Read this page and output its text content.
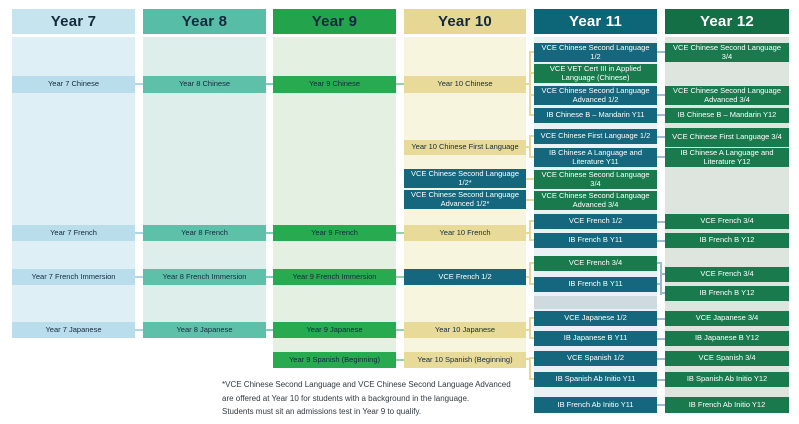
*VCE Chinese Second Language and VCE Chinese Second Language Advanced
are offered at Year 10 for students with a background in the language.
Students must sit an admissions test in Year 9 to qualify.
Year 7
Year 7 Chinese
Year 7 French
Year 7 French Immersion
Year 7 Japanese
Year 8
Year 8 Chinese
Year 8 French
Year 8 French Immersion
Year 8 Japanese
Year 9
Year 9 Chinese
Year 9 French
Year 9 French Immersion
Year 9 Japanese
Year 9 Spanish (Beginning)
Year 10
Year 10 Chinese
Year 10 Chinese First Language
VCE Chinese Second Language 1/2*
VCE Chinese Second Language Advanced 1/2*
Year 10 French
VCE French 1/2
Year 10 Japanese
Year 10 Spanish (Beginning)
Year 11
VCE Chinese Second Language 1/2
VCE VET Cert III in Applied Language (Chinese)
VCE Chinese Second Language Advanced 1/2
IB Chinese B – Mandarin Y11
VCE Chinese First Language 1/2
IB Chinese A Language and Literature Y11
VCE Chinese Second Language 3/4
VCE Chinese Second Language Advanced 3/4
VCE French 1/2
IB French B Y11
VCE French 3/4
IB French B Y11
VCE Japanese 1/2
IB Japanese B Y11
VCE Spanish 1/2
IB Spanish Ab Initio Y11
IB French Ab Initio Y11
Year 12
VCE Chinese Second Language 3/4
VCE Chinese Second Language Advanced 3/4
IB Chinese B – Mandarin Y12
VCE Chinese First Language 3/4
IB Chinese A Language and Literature Y12
VCE French 3/4
IB French B Y12
VCE French 3/4
IB French B Y12
VCE Japanese 3/4
IB Japanese B Y12
VCE Spanish 3/4
IB Spanish Ab Initio Y12
IB French Ab Initio Y12
